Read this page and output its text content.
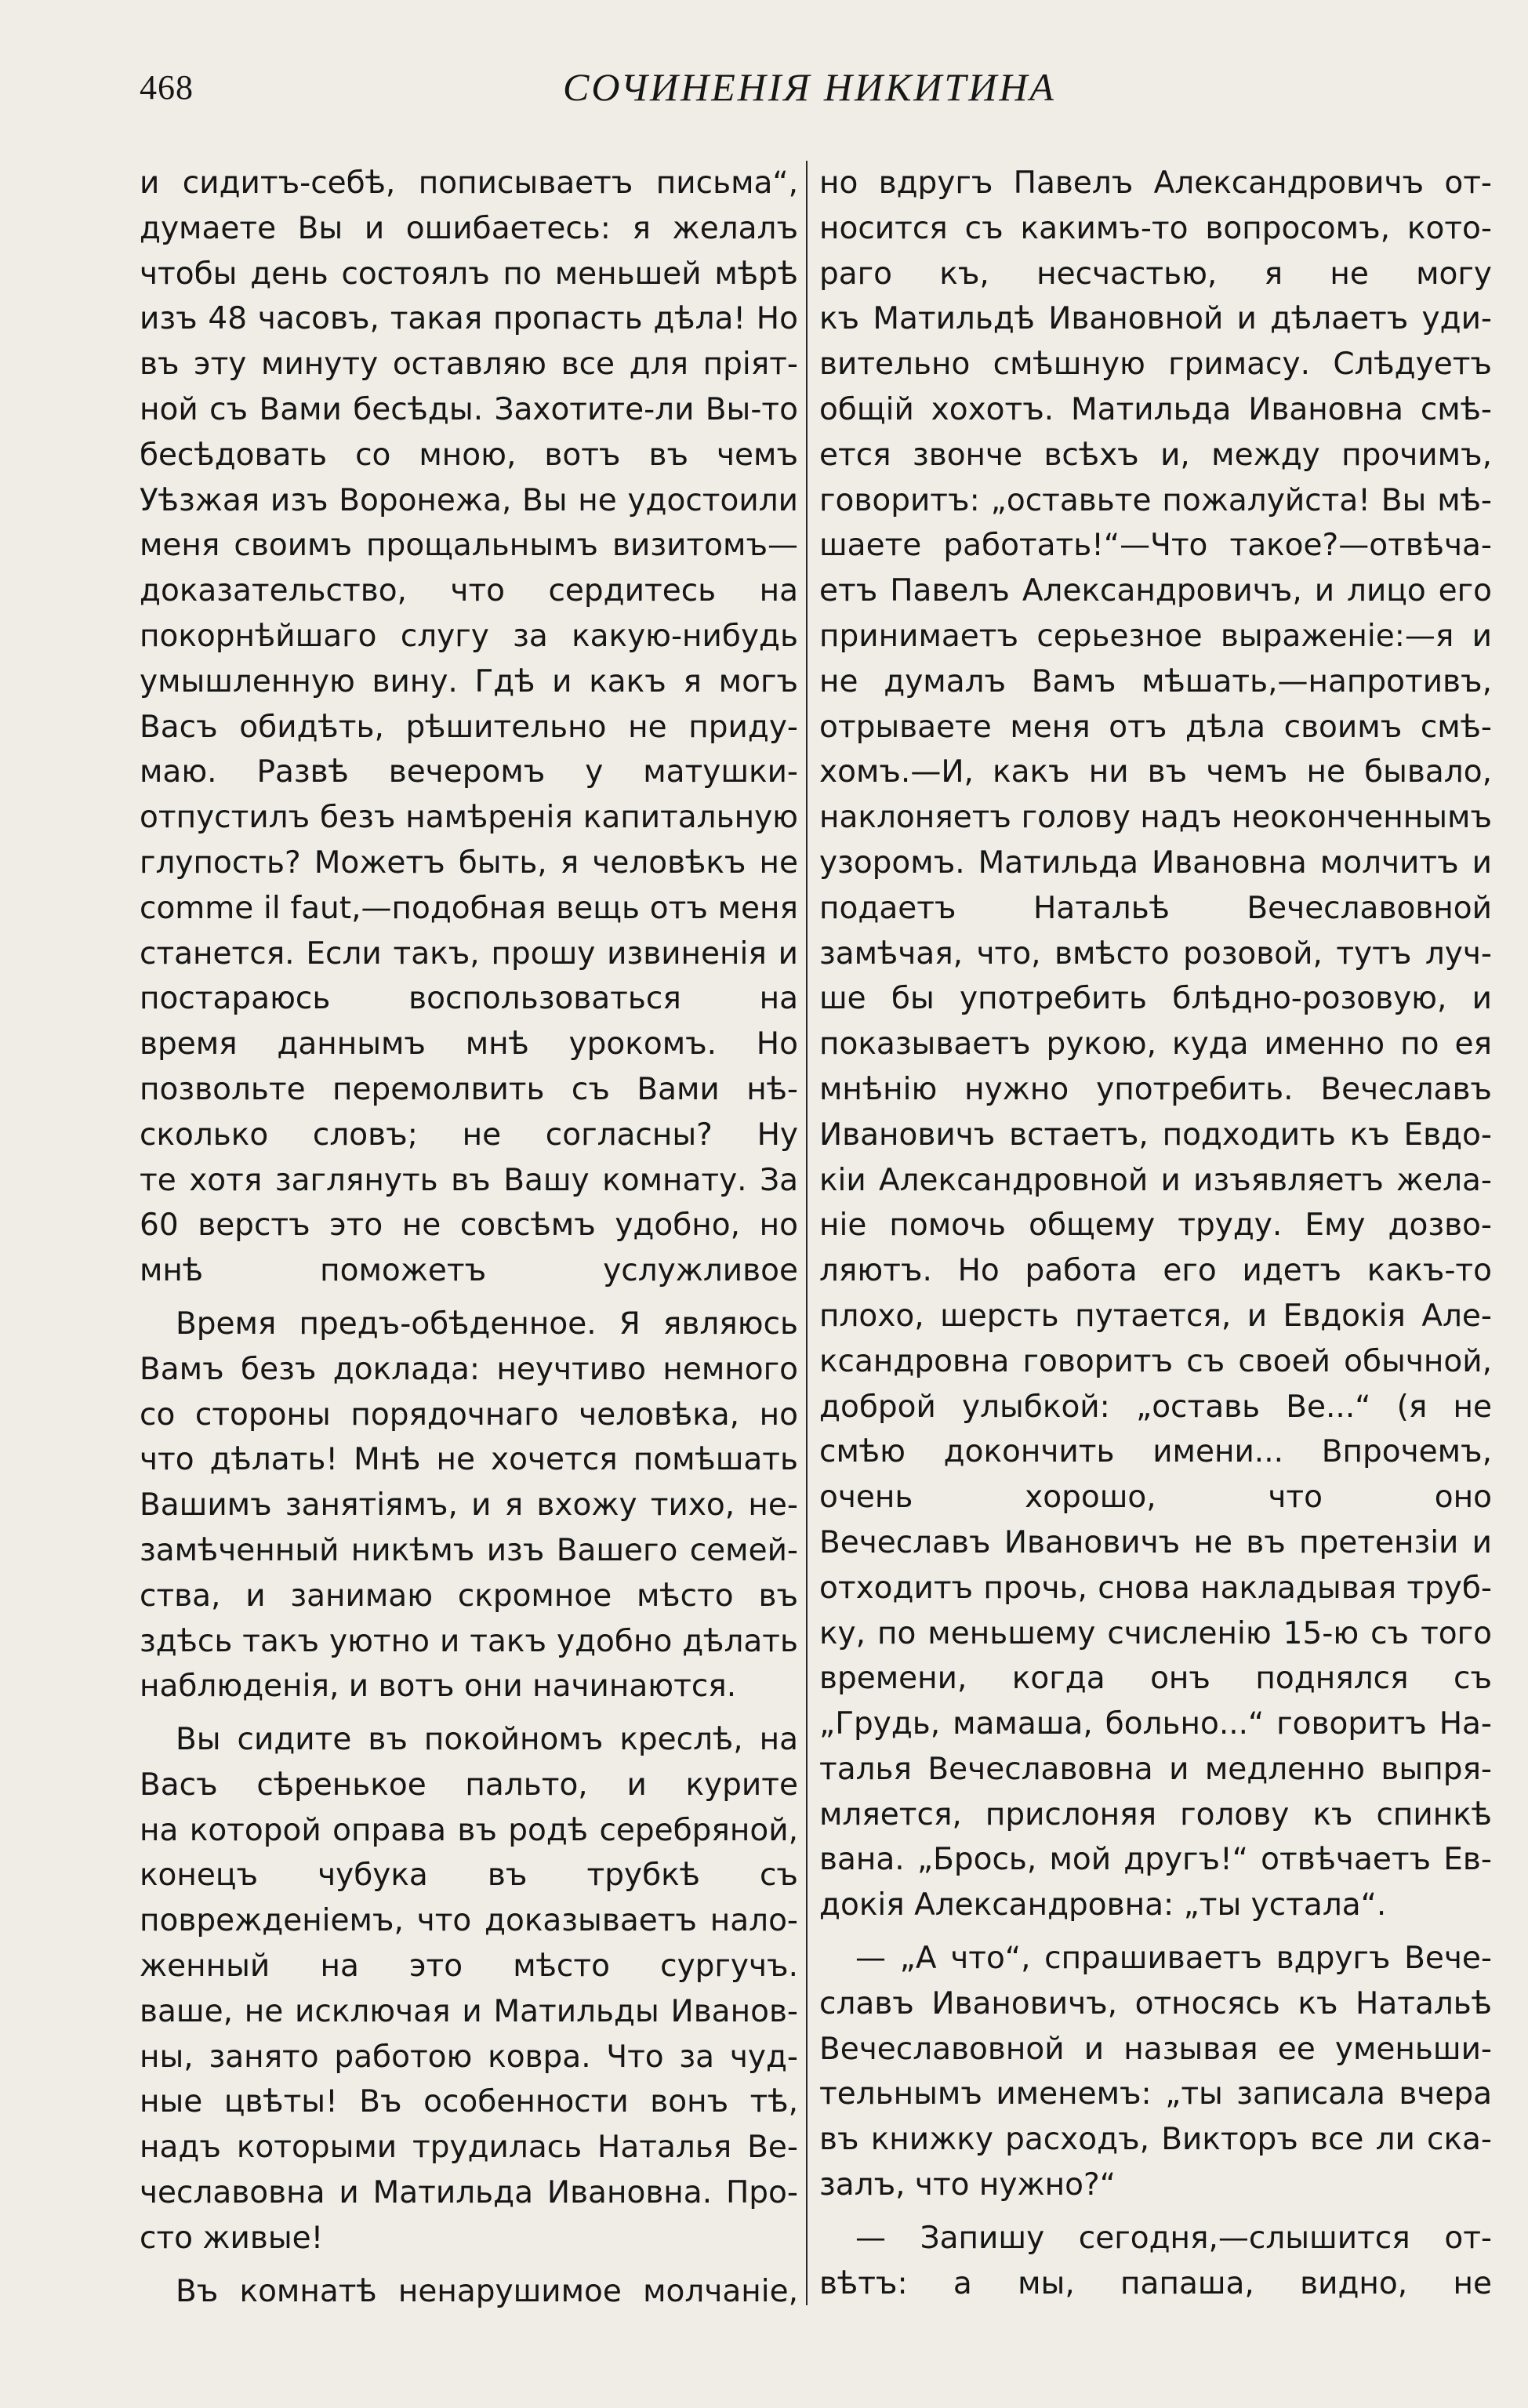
468	СОЧИНЕНІЯ НИКИТИНА
и сидитъ-себѣ, пописываетъ письма“,
думаете Вы и ошибаетесь: я желалъ
чтобы день состоялъ по меньшей мѣрѣ
изъ 48 часовъ, такая пропасть дѣла! Но
въ эту минуту оставляю все для пріят-
ной съ Вами бесѣды. Захотите-ли Вы-то
бесѣдовать со мною, вотъ въ чемъ
Уѣзжая изъ Воронежа, Вы не удостоили
меня своимъ прощальнымъ визитомъ—
доказательство, что сердитесь на
покорнѣйшаго слугу за какую-нибудь
умышленную вину. Гдѣ и какъ я могъ
Васъ обидѣть, рѣшительно не приду-
маю. Развѣ вечеромъ у матушки-
отпустилъ безъ намѣренія капитальную
глупость? Можетъ быть, я человѣкъ не
comme il faut,—подобная вещь отъ меня
станется. Если такъ, прошу извиненія и
постараюсь воспользоваться на
время даннымъ мнѣ урокомъ. Но
позвольте перемолвить съ Вами нѣ-
сколько словъ; не согласны? Ну
те хотя заглянуть въ Вашу комнату. За
60 верстъ это не совсѣмъ удобно, но
мнѣ поможетъ услужливое
Время предъ-обѣденное. Я являюсь
Вамъ безъ доклада: неучтиво немного
со стороны порядочнаго человѣка, но
что дѣлать! Мнѣ не хочется помѣшать
Вашимъ занятіямъ, и я вхожу тихо, не-
замѣченный никѣмъ изъ Вашего семей-
ства, и занимаю скромное мѣсто въ
здѣсь такъ уютно и такъ удобно дѣлать
наблюденія, и вотъ они начинаются.
Вы сидите въ покойномъ креслѣ, на
Васъ сѣренькое пальто, и курите
на которой оправа въ родѣ серебряной,
конецъ чубука въ трубкѣ съ
поврежденіемъ, что доказываетъ нало-
женный на это мѣсто сургучъ.
ваше, не исключая и Матильды Иванов-
ны, занято работою ковра. Что за чуд-
ные цвѣты! Въ особенности вонъ тѣ,
надъ которыми трудилась Наталья Ве-
чеславовна и Матильда Ивановна. Про-
сто живые!
Въ комнатѣ ненарушимое молчаніе,
но вдругъ Павелъ Александровичъ от-
носится съ какимъ-то вопросомъ, кото-
раго къ, несчастью, я не могу
къ Матильдѣ Ивановной и дѣлаетъ уди-
вительно смѣшную гримасу. Слѣдуетъ
общій хохотъ. Матильда Ивановна смѣ-
ется звонче всѣхъ и, между прочимъ,
говоритъ: „оставьте пожалуйста! Вы мѣ-
шаете работать!“—Что такое?—отвѣча-
етъ Павелъ Александровичъ, и лицо его
принимаетъ серьезное выраженіе:—я и
не думалъ Вамъ мѣшать,—напротивъ,
отрываете меня отъ дѣла своимъ смѣ-
хомъ.—И, какъ ни въ чемъ не бывало,
наклоняетъ голову надъ неоконченнымъ
узоромъ. Матильда Ивановна молчитъ и
подаетъ Натальѣ Вечеславовной
замѣчая, что, вмѣсто розовой, тутъ луч-
ше бы употребить блѣдно-розовую, и
показываетъ рукою, куда именно по ея
мнѣнію нужно употребить. Вечеславъ
Ивановичъ встаетъ, подходить къ Евдо-
кіи Александровной и изъявляетъ жела-
ніе помочь общему труду. Ему дозво-
ляютъ. Но работа его идетъ какъ-то
плохо, шерсть путается, и Евдокія Але-
ксандровна говоритъ съ своей обычной,
доброй улыбкой: „оставь Ве...“ (я не
смѣю докончить имени... Впрочемъ,
очень хорошо, что оно
Вечеславъ Ивановичъ не въ претензіи и
отходитъ прочь, снова накладывая труб-
ку, по меньшему счисленію 15-ю съ того
времени, когда онъ поднялся съ
„Грудь, мамаша, больно...“ говоритъ На-
талья Вечеславовна и медленно выпря-
мляется, прислоняя голову къ спинкѣ
вана. „Брось, мой другъ!“ отвѣчаетъ Ев-
докія Александровна: „ты устала“.
— „А что“, спрашиваетъ вдругъ Вече-
славъ Ивановичъ, относясь къ Натальѣ
Вечеславовной и называя ее уменьши-
тельнымъ именемъ: „ты записала вчера
въ книжку расходъ, Викторъ все ли ска-
залъ, что нужно?“
— Запишу сегодня,—слышится от-
вѣтъ: а мы, папаша, видно, не
